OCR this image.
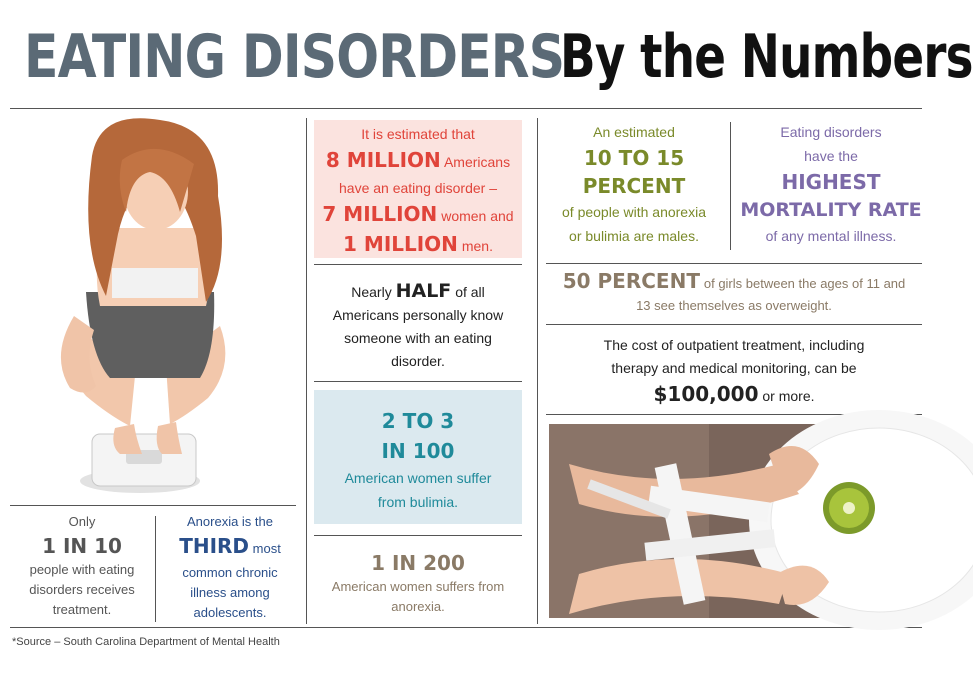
EATING DISORDERS
By the Numbers
It is estimated that
8 MILLION Americans
have an eating disorder –
7 MILLION women and
1 MILLION men.
Nearly HALF of all
Americans personally know
someone with an eating
disorder.
2 TO 3
IN 100
American women suffer
from bulimia.
1 IN 200
American women suffers from
anorexia.
An estimated
10 TO 15
PERCENT
of people with anorexia
or bulimia are males.
Eating disorders
have the
HIGHEST
MORTALITY RATE
of any mental illness.
50 PERCENT of girls between the ages of 11 and
13 see themselves as overweight.
The cost of outpatient treatment, including
therapy and medical monitoring, can be
$100,000 or more.
Only
1 IN 10
people with eating
disorders receives
treatment.
Anorexia is the
THIRD most
common chronic
illness among
adolescents.
*Source – South Carolina Department of Mental Health
